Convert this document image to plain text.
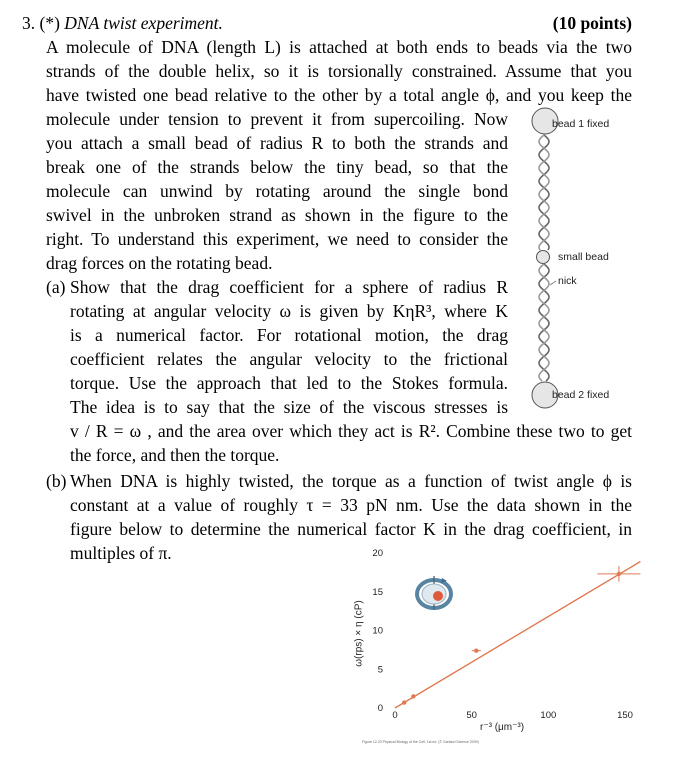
3. (*) DNA twist experiment.	(10 points)
A molecule of DNA (length L) is attached at both ends to beads via the two
strands of the double helix, so it is torsionally constrained. Assume that you
have twisted one bead relative to the other by a total angle ϕ, and you keep the
molecule under tension to prevent it from supercoiling. Now
you attach a small bead of radius R to both the strands and
break one of the strands below the tiny bead, so that the
molecule can unwind by rotating around the single bond
swivel in the unbroken strand as shown in the figure to the
right. To understand this experiment, we need to consider the
drag forces on the rotating bead.
(a) Show that the drag coefficient for a sphere of radius R
rotating at angular velocity ω is given by KηR³, where K
is a numerical factor. For rotational motion, the drag
coefficient relates the angular velocity to the frictional
torque. Use the approach that led to the Stokes formula.
The idea is to say that the size of the viscous stresses is
v / R = ω , and the area over which they act is R². Combine these two to get
the force, and then the torque.
(b) When DNA is highly twisted, the torque as a function of twist angle ϕ is
constant at a value of roughly τ = 33 pN nm. Use the data shown in the
figure below to determine the numerical factor K in the drag coefficient, in
multiples of π.
bead 1 fixed
small bead
nick
bead 2 fixed
0
5
10
15
20
0	50	100	150
ω(rps) × η (cP)
r⁻³ (μm⁻³)
Figure 12.20 Physical Biology of the Cell, 1st ed. (© Garland Science 2009)
